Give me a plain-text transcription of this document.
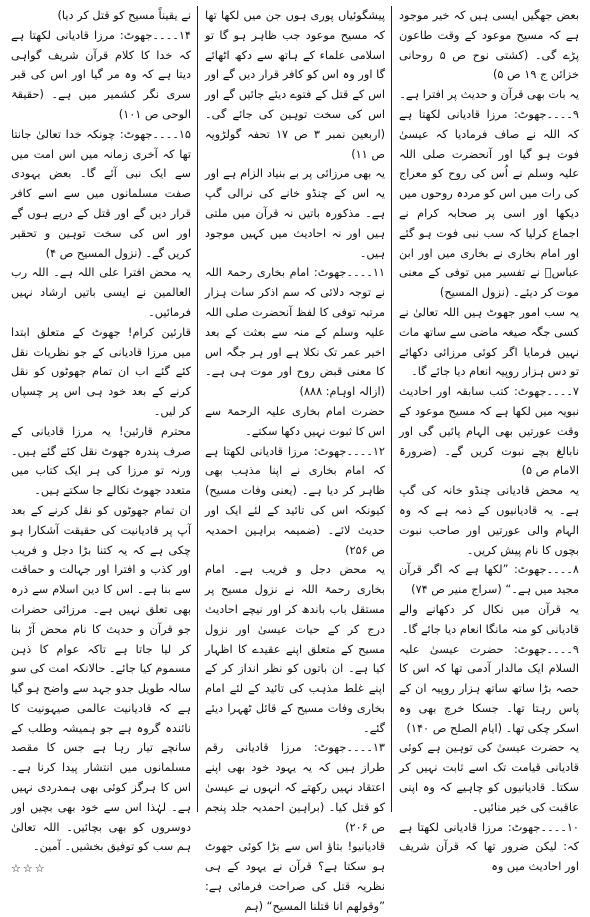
بعض جھگیں ایسی ہیں کہ خیر موجود ہے کہ مسیح موعود کے وقت طاعون پڑے گی۔ (کشتی نوح ص ۵ روحانی خزائن ج ۱۹ ص ۵)

یہ بات بھی قرآن و حدیث پر افترا ہے۔

۹۔۔۔۔جھوٹ: مرزا قادیانی لکھتا ہے کہ اللہ نے صاف فرمادیا کہ عیسیٰ فوت ہو گیا اور آنحضرت صلی اللہ علیہ وسلم نے اُس کی روح کو معراج کی رات میں اس کو مردہ روحوں میں دیکھا اور اسی پر صحابہ کرام نے اجماع کرلیا کہ سب نبی فوت ہو گئے اور امام بخاری نے بخاری میں اور ابن عباسؓ نے تفسیر میں توفی کے معنی موت کر دیئے۔ (نزول المسیح)

یہ سب امور جھوٹ ہیں اللہ تعالیٰ نے کسی جگہ صیغہ ماضی سے ساتھ مات نہیں فرمایا اگر کوئی مرزائی دکھائے تو دس ہزار روپیہ انعام دیا جائے گا۔

۷۔۔۔۔جھوٹ: کتب سابقہ اور احادیث نبویہ میں لکھا ہے کہ مسیح موعود کے وقت عورتیں بھی الہام پائیں گی اور نابالغ بچے نبوت کریں گے۔ (ضرورۃ الامام ص ۵)

یہ محض قادیانی چنڈو خانہ کی گپ ہے۔ یہ قادیانیوں کے ذمہ ہے کہ وہ الہام والی عورتیں اور صاحب نبوت بچوں کا نام پیش کریں۔

۸۔۔۔۔جھوٹ: ”لکھا ہے کہ اگر قرآن مجید میں ہے۔“ (سراج منیر ص ۷۴)

یہ قرآن میں نکال کر دکھانے والے قادیانی کو منہ مانگا انعام دیا جائے گا۔

۹۔۔۔۔جھوٹ: حضرت عیسیٰ علیہ السلام ایک مالدار آدمی تھا کہ اس کا حصہ بڑا ساتھ ساتھ ہزار روپیہ ان کے پاس رہتا تھا۔ جسکا خرچ بھی وہ اسکر چکی تھا۔ (ایام الصلح ص ۱۴۰)

یہ حضرت عیسیٰ کی توہین ہے کوئی قادیانی قیامت تک اسے ثابت نہیں کر سکتا۔ قادیانیوں کو چاہیے کہ وہ اپنی عاقبت کی خیر منائیں۔

۱۰۔۔۔۔جھوٹ: مرزا قادیانی لکھتا ہے کہ: لیکن ضرور تھا کہ قرآن شریف اور احادیث میں وہ

پیشگوئیاں پوری ہوں جن میں لکھا تھا کہ مسیح موعود جب ظاہر ہو گا تو اسلامی علماء کے ہاتھ سے دکھ اٹھائے گا اور وہ اس کو کافر قرار دیں گے اور اس کے قتل کے فتوے دیئے جائیں گے اور اس کی سخت توہین کی جائے گی۔ (اربعین نمبر ۳ ص ۱۷ تحفہ گولڑویہ ص ۱۱)

یہ بھی مرزائی پر بے بنیاد الزام ہے اور یہ اس کے چنڈو خانے کی نرالی گپ ہے۔ مذکورہ باتیں نہ قرآن میں ملتی ہیں اور نہ احادیث میں کہیں موجود ہیں۔

۱۱۔۔۔۔جھوٹ: امام بخاری رحمۃ اللہ نے توجہ دلائی کہ سم اذکر سات ہزار مرتبہ توفی کا لفظ آنحضرت صلی اللہ علیہ وسلم کے منہ سے بعثت کے بعد اخیر عمر تک نکلا ہے اور ہر جگہ اس کا معنی قبض روح اور موت ہی ہے۔ (ازالہ اوہام: ۸۸۸)

حضرت امام بخاری علیہ الرحمۃ سے اس کا ثبوت نہیں دکھا سکتے۔

۱۲۔۔۔۔جھوٹ: مرزا قادیانی لکھتا ہے کہ امام بخاری نے اپنا مذہب بھی ظاہر کر دیا ہے۔ (یعنی وفات مسیح) کیونکہ اس کی تائید کے لئے ایک اور حدیث لائے۔ (ضمیمہ براہین احمدیہ ص ۲۵۶)

یہ محض دجل و فریب ہے۔ امام بخاری رحمۃ اللہ نے نزول مسیح پر مستقل باب باندھ کر اور نیچے احادیث درج کر کے حیات عیسیٰ اور نزول مسیح کے متعلق اپنے عقیدے کا اظہار کیا ہے۔ ان باتوں کو نظر انداز کر کے اپنے غلط مذہب کی تائید کے لئے امام بخاری وفات مسیح کے قائل ٹھہرا دیئے گئے۔

۱۳۔۔۔۔جھوٹ: مرزا قادیانی رقم طراز ہیں کہ یہ یہود خود بھی اپنے اعتقاد نہیں رکھتے کہ انہوں نے عیسیٰ کو قتل کیا۔ (براہین احمدیہ جلد پنجم ص ۲۰۶)

قادیانیو! بتاؤ اس سے بڑا کوئی جھوٹ ہو سکتا ہے؟ قرآن نے یہود کے ہی نظریہ قتل کی صراحت فرمائی ہے: ”وقولھم انا قتلنا المسیح“ (ہم

نے یقیناً مسیح کو قتل کر دیا)

۱۴۔۔۔۔جھوٹ: مرزا قادیانی لکھتا ہے کہ خدا کا کلام قرآن شریف گواہی دیتا ہے کہ وہ مر گیا اور اس کی قبر سری نگر کشمیر میں ہے۔ (حقیقۃ الوحی ص ۱۰۱)

۱۵۔۔۔۔جھوٹ: چونکہ خدا تعالیٰ جانتا تھا کہ آخری زمانہ میں اس امت میں سے ایک نبی آئے گا۔ بعض یہودی صفت مسلمانوں میں سے اسے کافر قرار دیں گے اور قتل کے درپے ہوں گے اور اس کی سخت توہین و تحقیر کریں گے۔ (نزول المسیح ص ۴)

یہ محض افترا علی اللہ ہے۔ اللہ رب العالمین نے ایسی باتیں ارشاد نہیں فرمائیں۔

قارئین کرام! جھوٹ کے متعلق ابتدا میں مرزا قادیانی کے جو نظریات نقل کئے گئے اب ان تمام جھوٹوں کو نقل کرنے کے بعد خود ہی اس پر چسپاں کر لیں۔

محترم قارئین! یہ مرزا قادیانی کے صرف پندرہ جھوٹ نقل کئے گئے ہیں۔ ورنہ تو مرزا کی ہر ایک کتاب میں متعدد جھوٹ نکالے جا سکتے ہیں۔

ان تمام جھوٹوں کو نقل کرنے کے بعد آپ پر قادیانیت کی حقیقت آشکارا ہو چکی ہے کہ یہ کتنا بڑا دجل و فریب اور کذب و افترا اور جہالت و حماقت سے بنا ہے۔ اس کا دین اسلام سے ذرہ بھی تعلق نہیں ہے۔ مرزائی حضرات جو قرآن و حدیث کا نام محض آڑ بنا کر لیا جاتا ہے تاکہ عوام کا ذہن مسموم کیا جائے۔ حالانکہ امت کی سو سالہ طویل جدو جہد سے واضح ہو گیا ہے کہ قادیانیت عالمی صیہونیت کا نائندہ گروہ ہے جو ہمیشہ وطلب کے سانچے تیار رہا ہے جس کا مقصد مسلمانوں میں انتشار پیدا کرنا ہے۔ اس کا ہرگز کوئی بھی ہمدردی نہیں ہے۔ لہٰذا اس سے خود بھی بچیں اور دوسروں کو بھی بچائیں۔ اللہ تعالیٰ ہم سب کو توفیق بخشیں۔ آمین۔

☆☆☆
